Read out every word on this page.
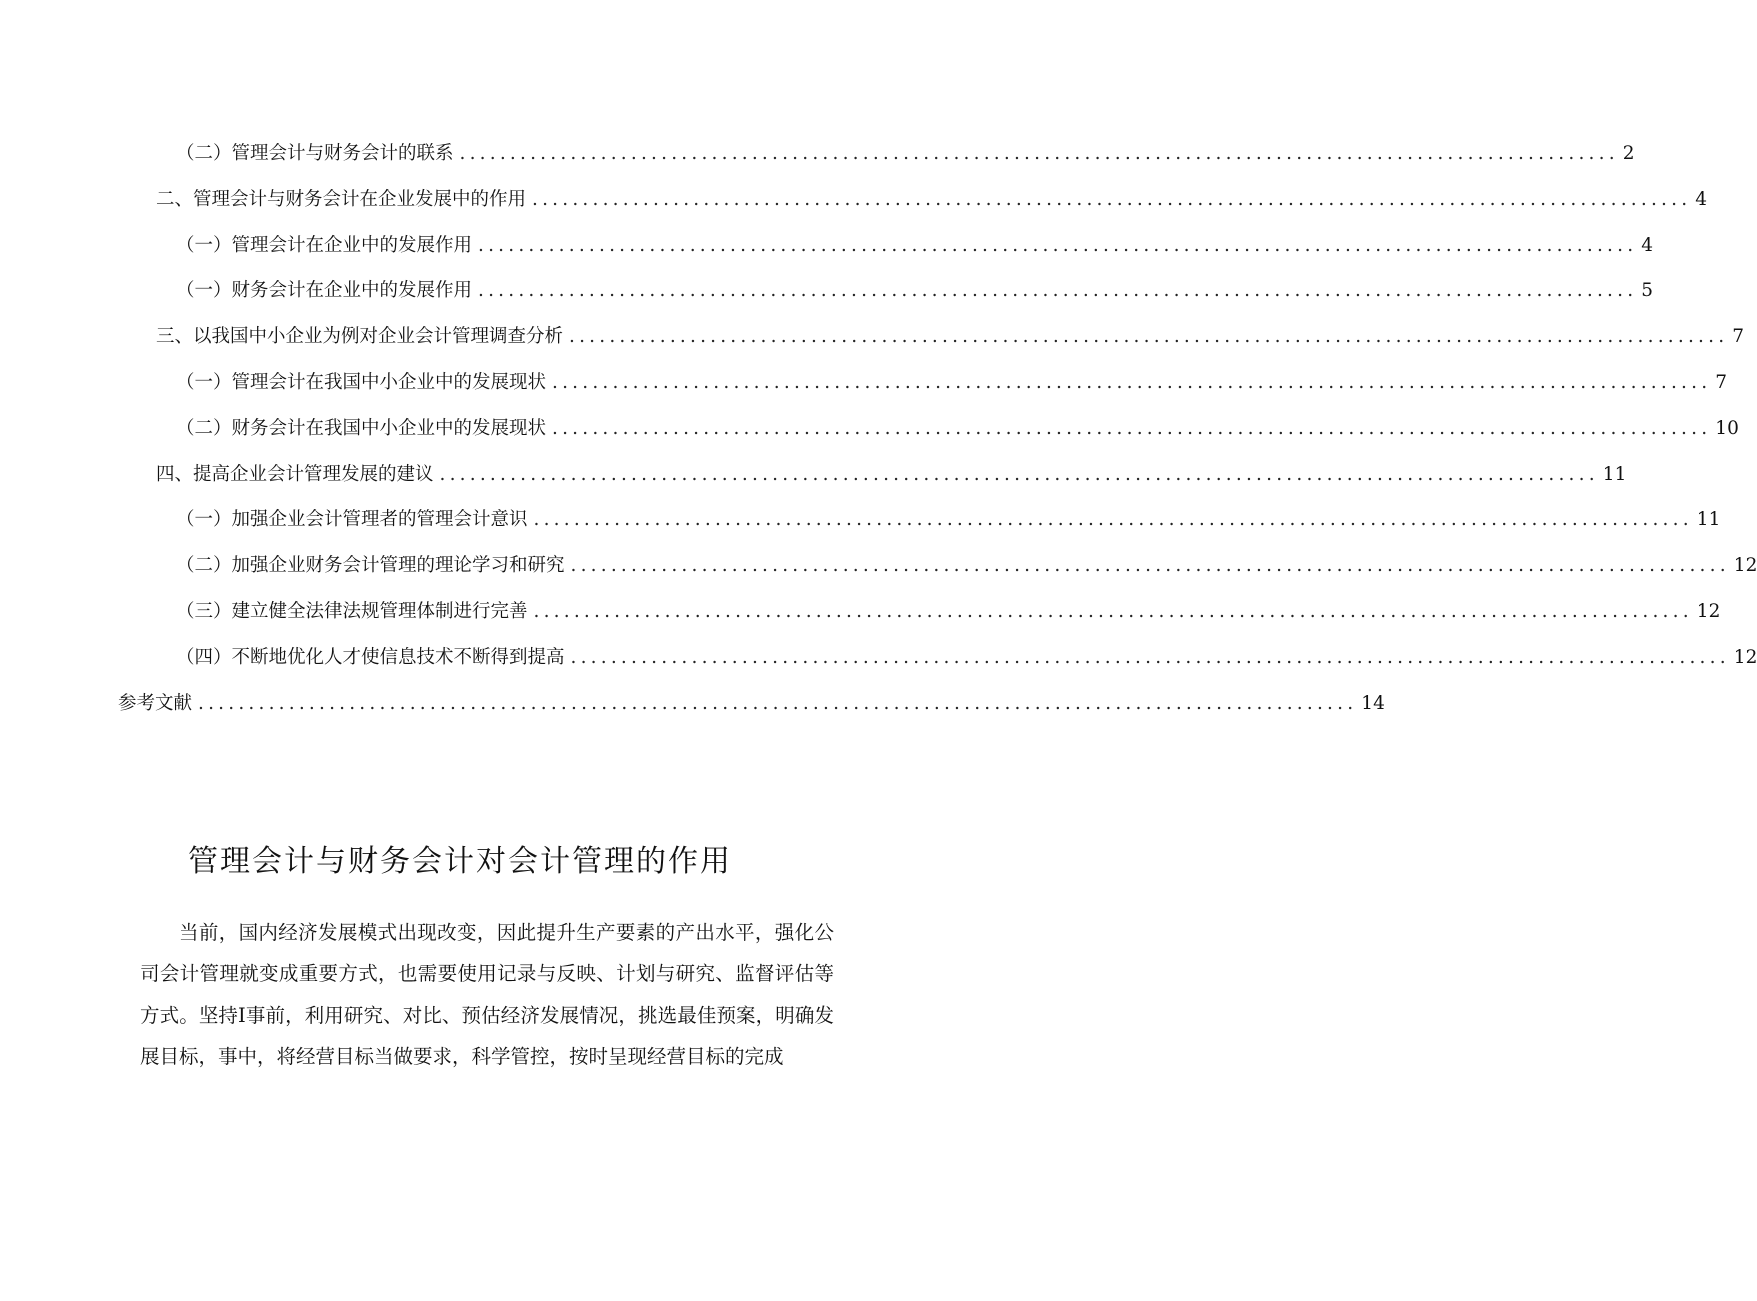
（二）管理会计与财务会计的联系 ................................................................................................................... 2
二、管理会计与财务会计在企业发展中的作用 ................................................................................................................... 4
（一）管理会计在企业中的发展作用 ................................................................................................................... 4
（一）财务会计在企业中的发展作用 ................................................................................................................... 5
三、以我国中小企业为例对企业会计管理调查分析 ................................................................................................................... 7
（一）管理会计在我国中小企业中的发展现状 ................................................................................................................... 7
（二）财务会计在我国中小企业中的发展现状 ................................................................................................................... 10
四、提高企业会计管理发展的建议 ................................................................................................................... 11
（一）加强企业会计管理者的管理会计意识 ................................................................................................................... 11
（二）加强企业财务会计管理的理论学习和研究 ................................................................................................................... 12
（三）建立健全法律法规管理体制进行完善 ................................................................................................................... 12
（四）不断地优化人才使信息技术不断得到提高 ................................................................................................................... 12
参考文献 ................................................................................................................... 14
管理会计与财务会计对会计管理的作用

当前，国内经济发展模式出现改变，因此提升生产要素的产出水平，强化公司会计管理就变成重要方式，也需要使用记录与反映、计划与研究、监督评估等方式。坚持Ⅰ事前，利用研究、对比、预估经济发展情况，挑选最佳预案，明确发展目标，事中，将经营目标当做要求，科学管控，按时呈现经营目标的完成
